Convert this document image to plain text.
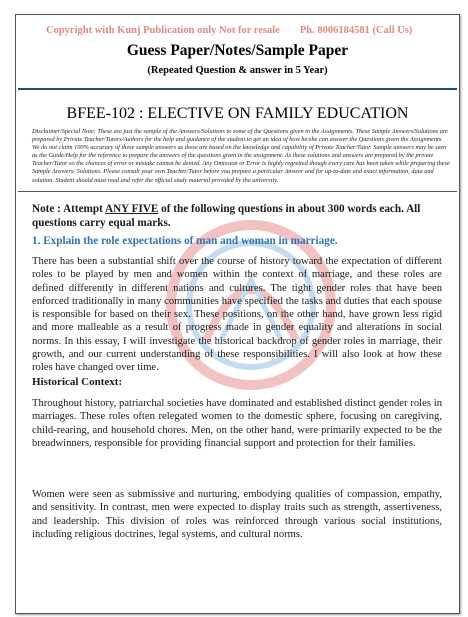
Copyright with Kunj Publication only Not for resale Ph. 8006184581 (Call Us)
Guess Paper/Notes/Sample Paper
(Repeated Question & answer in 5 Year)
BFEE-102 : ELECTIVE ON FAMILY EDUCATION
Disclaimer/Special Note: These are just the sample of the Answers/Solutions to some of the Questions given in the Assignments. These Sample Answers/Solutions are prepared by Private Teacher/Tutors/Authors for the help and guidance of the student to get an idea of how he/she can answer the Questions given the Assignments. We do not claim 100% accuracy of these sample answers as these are based on the knowledge and capability of Private Teacher/Tutor. Sample answers may be seen as the Guide/Help for the reference to prepare the answers of the questions given in the assignment. As these solutions and answers are prepared by the private Teacher/Tutor so the chances of error or mistake cannot be denied. Any Omission or Error is highly regretted though every care has been taken while preparing these Sample Answers/ Solutions. Please consult your own Teacher/Tutor before you prepare a particular Answer and for up-to-date and exact information, data and solution. Student should must read and refer the official study material provided by the university.
Note : Attempt ANY FIVE of the following questions in about 300 words each. All questions carry equal marks.
1. Explain the role expectations of man and woman in marriage.
There has been a substantial shift over the course of history toward the expectation of different roles to be played by men and women within the context of marriage, and these roles are defined differently in different nations and cultures. The tight gender roles that have been enforced traditionally in many communities have specified the tasks and duties that each spouse is responsible for based on their sex. These positions, on the other hand, have grown less rigid and more malleable as a result of progress made in gender equality and alterations in social norms. In this essay, I will investigate the historical backdrop of gender roles in marriage, their growth, and our current understanding of these responsibilities. I will also look at how these roles have changed over time.
Historical Context:
Throughout history, patriarchal societies have dominated and established distinct gender roles in marriages. These roles often relegated women to the domestic sphere, focusing on caregiving, child-rearing, and household chores. Men, on the other hand, were primarily expected to be the breadwinners, responsible for providing financial support and protection for their families.
Women were seen as submissive and nurturing, embodying qualities of compassion, empathy, and sensitivity. In contrast, men were expected to display traits such as strength, assertiveness, and leadership. This division of roles was reinforced through various social institutions, including religious doctrines, legal systems, and cultural norms.
